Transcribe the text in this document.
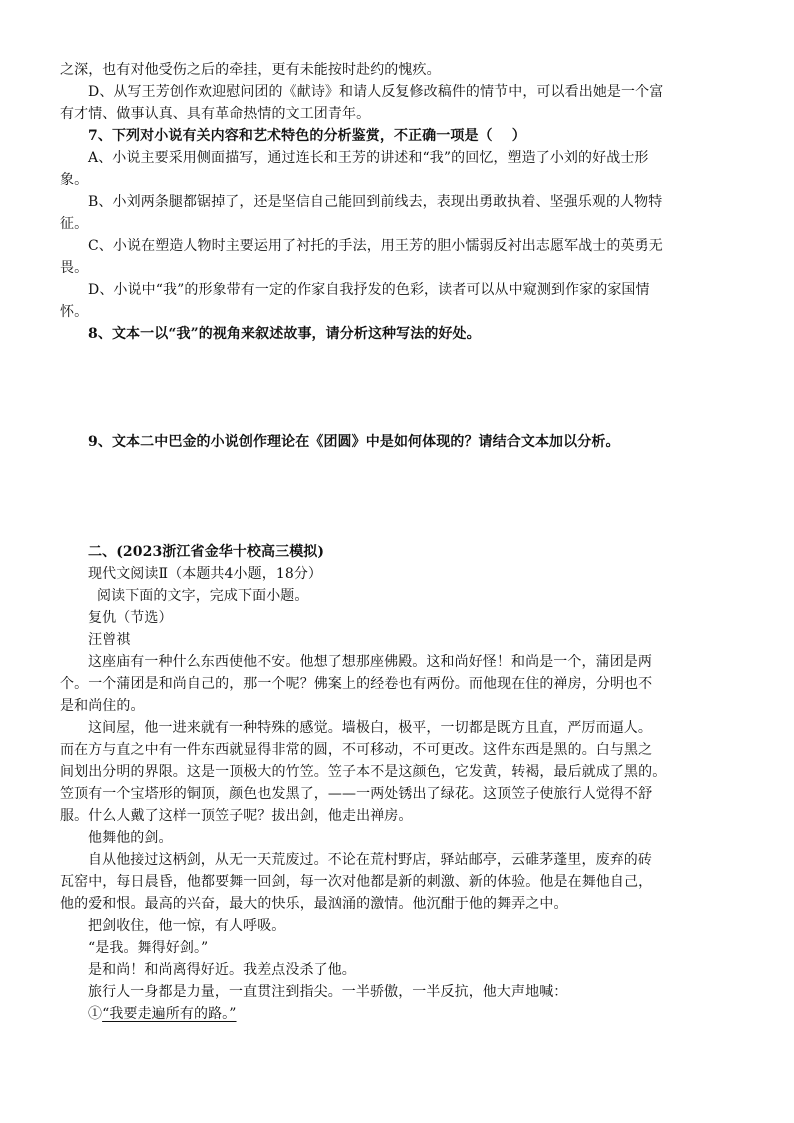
之深，也有对他受伤之后的牵挂，更有未能按时赴约的愧疚。
D、从写王芳创作欢迎慰问团的《献诗》和请人反复修改稿件的情节中，可以看出她是一个富
有才情、做事认真、具有革命热情的文工团青年。
7、下列对小说有关内容和艺术特色的分析鉴赏，不正确一项是（　 ）
A、小说主要采用侧面描写，通过连长和王芳的讲述和“我”的回忆，塑造了小刘的好战士形
象。
B、小刘两条腿都锯掉了，还是坚信自己能回到前线去，表现出勇敢执着、坚强乐观的人物特
征。
C、小说在塑造人物时主要运用了衬托的手法，用王芳的胆小懦弱反衬出志愿军战士的英勇无
畏。
D、小说中“我”的形象带有一定的作家自我抒发的色彩，读者可以从中窥测到作家的家国情
怀。
8、文本一以“我”的视角来叙述故事，请分析这种写法的好处。
9、文本二中巴金的小说创作理论在《团圆》中是如何体现的？请结合文本加以分析。
二、(2023浙江省金华十校高三模拟)
现代文阅读Ⅱ（本题共4小题，18分）
阅读下面的文字，完成下面小题。
复仇（节选）
汪曾祺
这座庙有一种什么东西使他不安。他想了想那座佛殿。这和尚好怪！和尚是一个，蒲团是两
个。一个蒲团是和尚自己的，那一个呢？佛案上的经卷也有两份。而他现在住的禅房，分明也不
是和尚住的。
这间屋，他一进来就有一种特殊的感觉。墙极白，极平，一切都是既方且直，严厉而逼人。
而在方与直之中有一件东西就显得非常的圆，不可移动，不可更改。这件东西是黑的。白与黑之
间划出分明的界限。这是一顶极大的竹笠。笠子本不是这颜色，它发黄，转褐，最后就成了黑的。
笠顶有一个宝塔形的铜顶，颜色也发黑了，——一两处锈出了绿花。这顶笠子使旅行人觉得不舒
服。什么人戴了这样一顶笠子呢？拔出剑，他走出禅房。
他舞他的剑。
自从他接过这柄剑，从无一天荒废过。不论在荒村野店，驿站邮亭，云碓茅蓬里，废弃的砖
瓦窑中，每日晨昏，他都要舞一回剑，每一次对他都是新的刺激、新的体验。他是在舞他自己，
他的爱和恨。最高的兴奋，最大的快乐，最汹涌的激情。他沉酣于他的舞弄之中。
把剑收住，他一惊，有人呼吸。
“是我。舞得好剑。”
是和尚！和尚离得好近。我差点没杀了他。
旅行人一身都是力量，一直贯注到指尖。一半骄傲，一半反抗，他大声地喊：
①“我要走遍所有的路。”
